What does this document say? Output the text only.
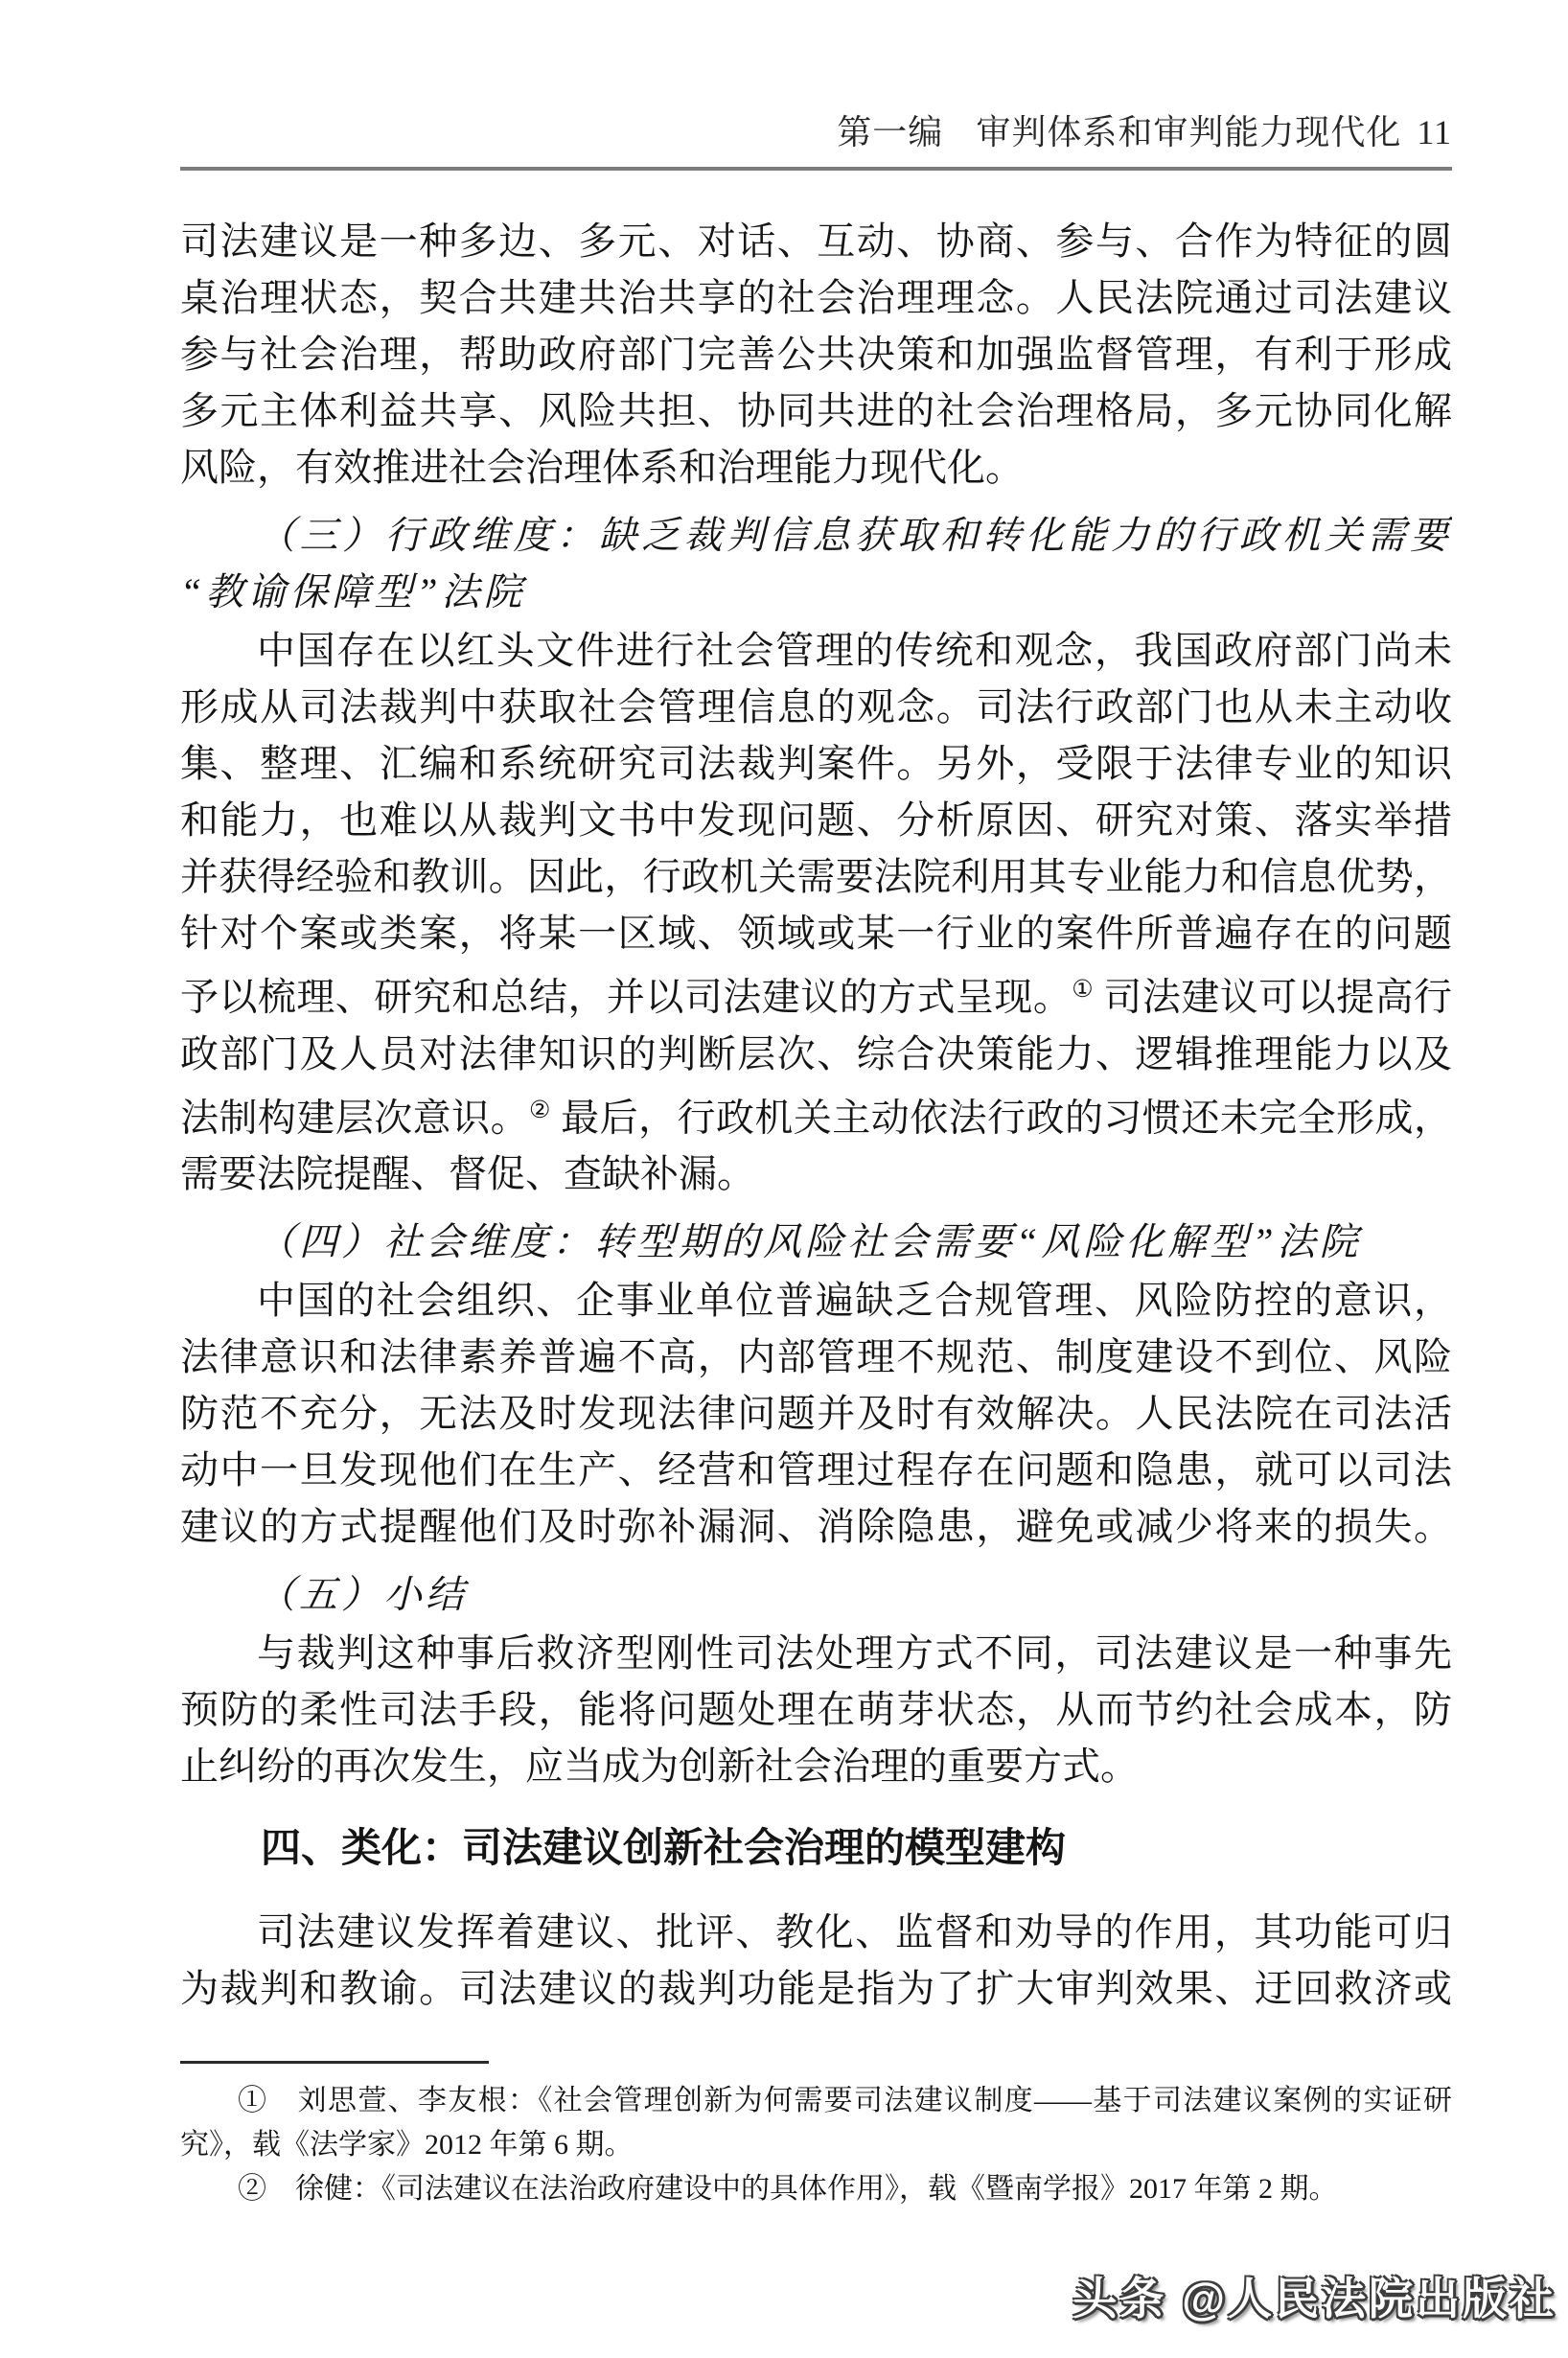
第一编 审判体系和审判能力现代化 11
司法建议是一种多边、多元、对话、互动、协商、参与、合作为特征的圆
桌治理状态，契合共建共治共享的社会治理理念。人民法院通过司法建议
参与社会治理，帮助政府部门完善公共决策和加强监督管理，有利于形成
多元主体利益共享、风险共担、协同共进的社会治理格局，多元协同化解
风险，有效推进社会治理体系和治理能力现代化。
（三）行政维度：缺乏裁判信息获取和转化能力的行政机关需要
“教谕保障型”法院
中国存在以红头文件进行社会管理的传统和观念，我国政府部门尚未
形成从司法裁判中获取社会管理信息的观念。司法行政部门也从未主动收
集、整理、汇编和系统研究司法裁判案件。另外，受限于法律专业的知识
和能力，也难以从裁判文书中发现问题、分析原因、研究对策、落实举措
并获得经验和教训。因此，行政机关需要法院利用其专业能力和信息优势，
针对个案或类案，将某一区域、领域或某一行业的案件所普遍存在的问题
予以梳理、研究和总结，并以司法建议的方式呈现。① 司法建议可以提高行
政部门及人员对法律知识的判断层次、综合决策能力、逻辑推理能力以及
法制构建层次意识。② 最后，行政机关主动依法行政的习惯还未完全形成，
需要法院提醒、督促、查缺补漏。
（四）社会维度：转型期的风险社会需要“风险化解型”法院
中国的社会组织、企事业单位普遍缺乏合规管理、风险防控的意识，
法律意识和法律素养普遍不高，内部管理不规范、制度建设不到位、风险
防范不充分，无法及时发现法律问题并及时有效解决。人民法院在司法活
动中一旦发现他们在生产、经营和管理过程存在问题和隐患，就可以司法
建议的方式提醒他们及时弥补漏洞、消除隐患，避免或减少将来的损失。
（五）小结
与裁判这种事后救济型刚性司法处理方式不同，司法建议是一种事先
预防的柔性司法手段，能将问题处理在萌芽状态，从而节约社会成本，防
止纠纷的再次发生，应当成为创新社会治理的重要方式。
四、类化：司法建议创新社会治理的模型建构
司法建议发挥着建议、批评、教化、监督和劝导的作用，其功能可归
为裁判和教谕。司法建议的裁判功能是指为了扩大审判效果、迂回救济或
①　刘思萱、李友根：《社会管理创新为何需要司法建议制度——基于司法建议案例的实证研
究》，载《法学家》2012 年第 6 期。
②　徐健：《司法建议在法治政府建设中的具体作用》，载《暨南学报》2017 年第 2 期。
头条 @人民法院出版社
